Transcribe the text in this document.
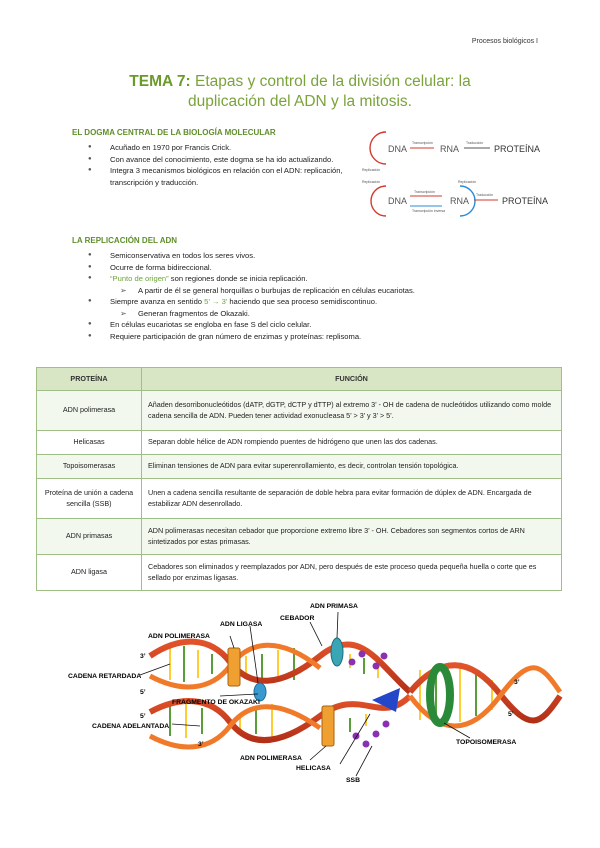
Procesos biológicos I
TEMA 7: Etapas y control de la división celular: la
duplicación del ADN y la mitosis.
EL DOGMA CENTRAL DE LA BIOLOGÍA MOLECULAR
● Acuñado en 1970 por Francis Crick.
● Con avance del conocimiento, este dogma se ha ido actualizando.
● Integra 3 mecanismos biológicos en relación con el ADN: replicación, transcripción y traducción.
DNA
Replicación
Transcripción
RNA
Traducción
PROTEÍNA
Replicación
DNA
Transcripción
Transcripción inversa
RNA
Replicación
Traducción
PROTEÍNA
LA REPLICACIÓN DEL ADN
● Semiconservativa en todos los seres vivos.
● Ocurre de forma bidireccional.
● “Punto de origen” son regiones donde se inicia replicación.
➢ A partir de él se general horquillas o burbujas de replicación en células eucariotas.
● Siempre avanza en sentido 5’ → 3’ haciendo que sea proceso semidiscontinuo.
➢ Generan fragmentos de Okazaki.
● En células eucariotas se engloba en fase S del ciclo celular.
● Requiere participación de gran número de enzimas y proteínas: replisoma.
PROTEÍNA	FUNCIÓN
ADN polimerasa	Añaden desorribonucleótidos (dATP, dGTP, dCTP y dTTP) al extremo 3’ - OH de cadena de nucleótidos utilizando como molde cadena sencilla de ADN. Pueden tener actividad exonucleasa 5’ > 3’ y 3’ > 5’.
Helicasas	Separan doble hélice de ADN rompiendo puentes de hidrógeno que unen las dos cadenas.
Topoisomerasas	Eliminan tensiones de ADN para evitar superenrollamiento, es decir, controlan tensión topológica.
Proteína de unión a cadena sencilla (SSB)	Unen a cadena sencilla resultante de separación de doble hebra para evitar formación de dúplex de ADN. Encargada de estabilizar ADN desenrollado.
ADN primasas	ADN polimerasas necesitan cebador que proporcione extremo libre 3’ - OH. Cebadores son segmentos cortos de ARN sintetizados por estas primasas.
ADN ligasa	Cebadores son eliminados y reemplazados por ADN, pero después de este proceso queda pequeña huella o corte que es sellado por enzimas ligasas.
ADN PRIMASA
ADN LIGASA
CEBADOR
ADN POLIMERASA
CADENA RETARDADA
FRAGMENTO DE OKAZAKI
CADENA ADELANTADA
ADN POLIMERASA
HELICASA
SSB
TOPOISOMERASA
3’
5’
5’
3’
3’
5’
